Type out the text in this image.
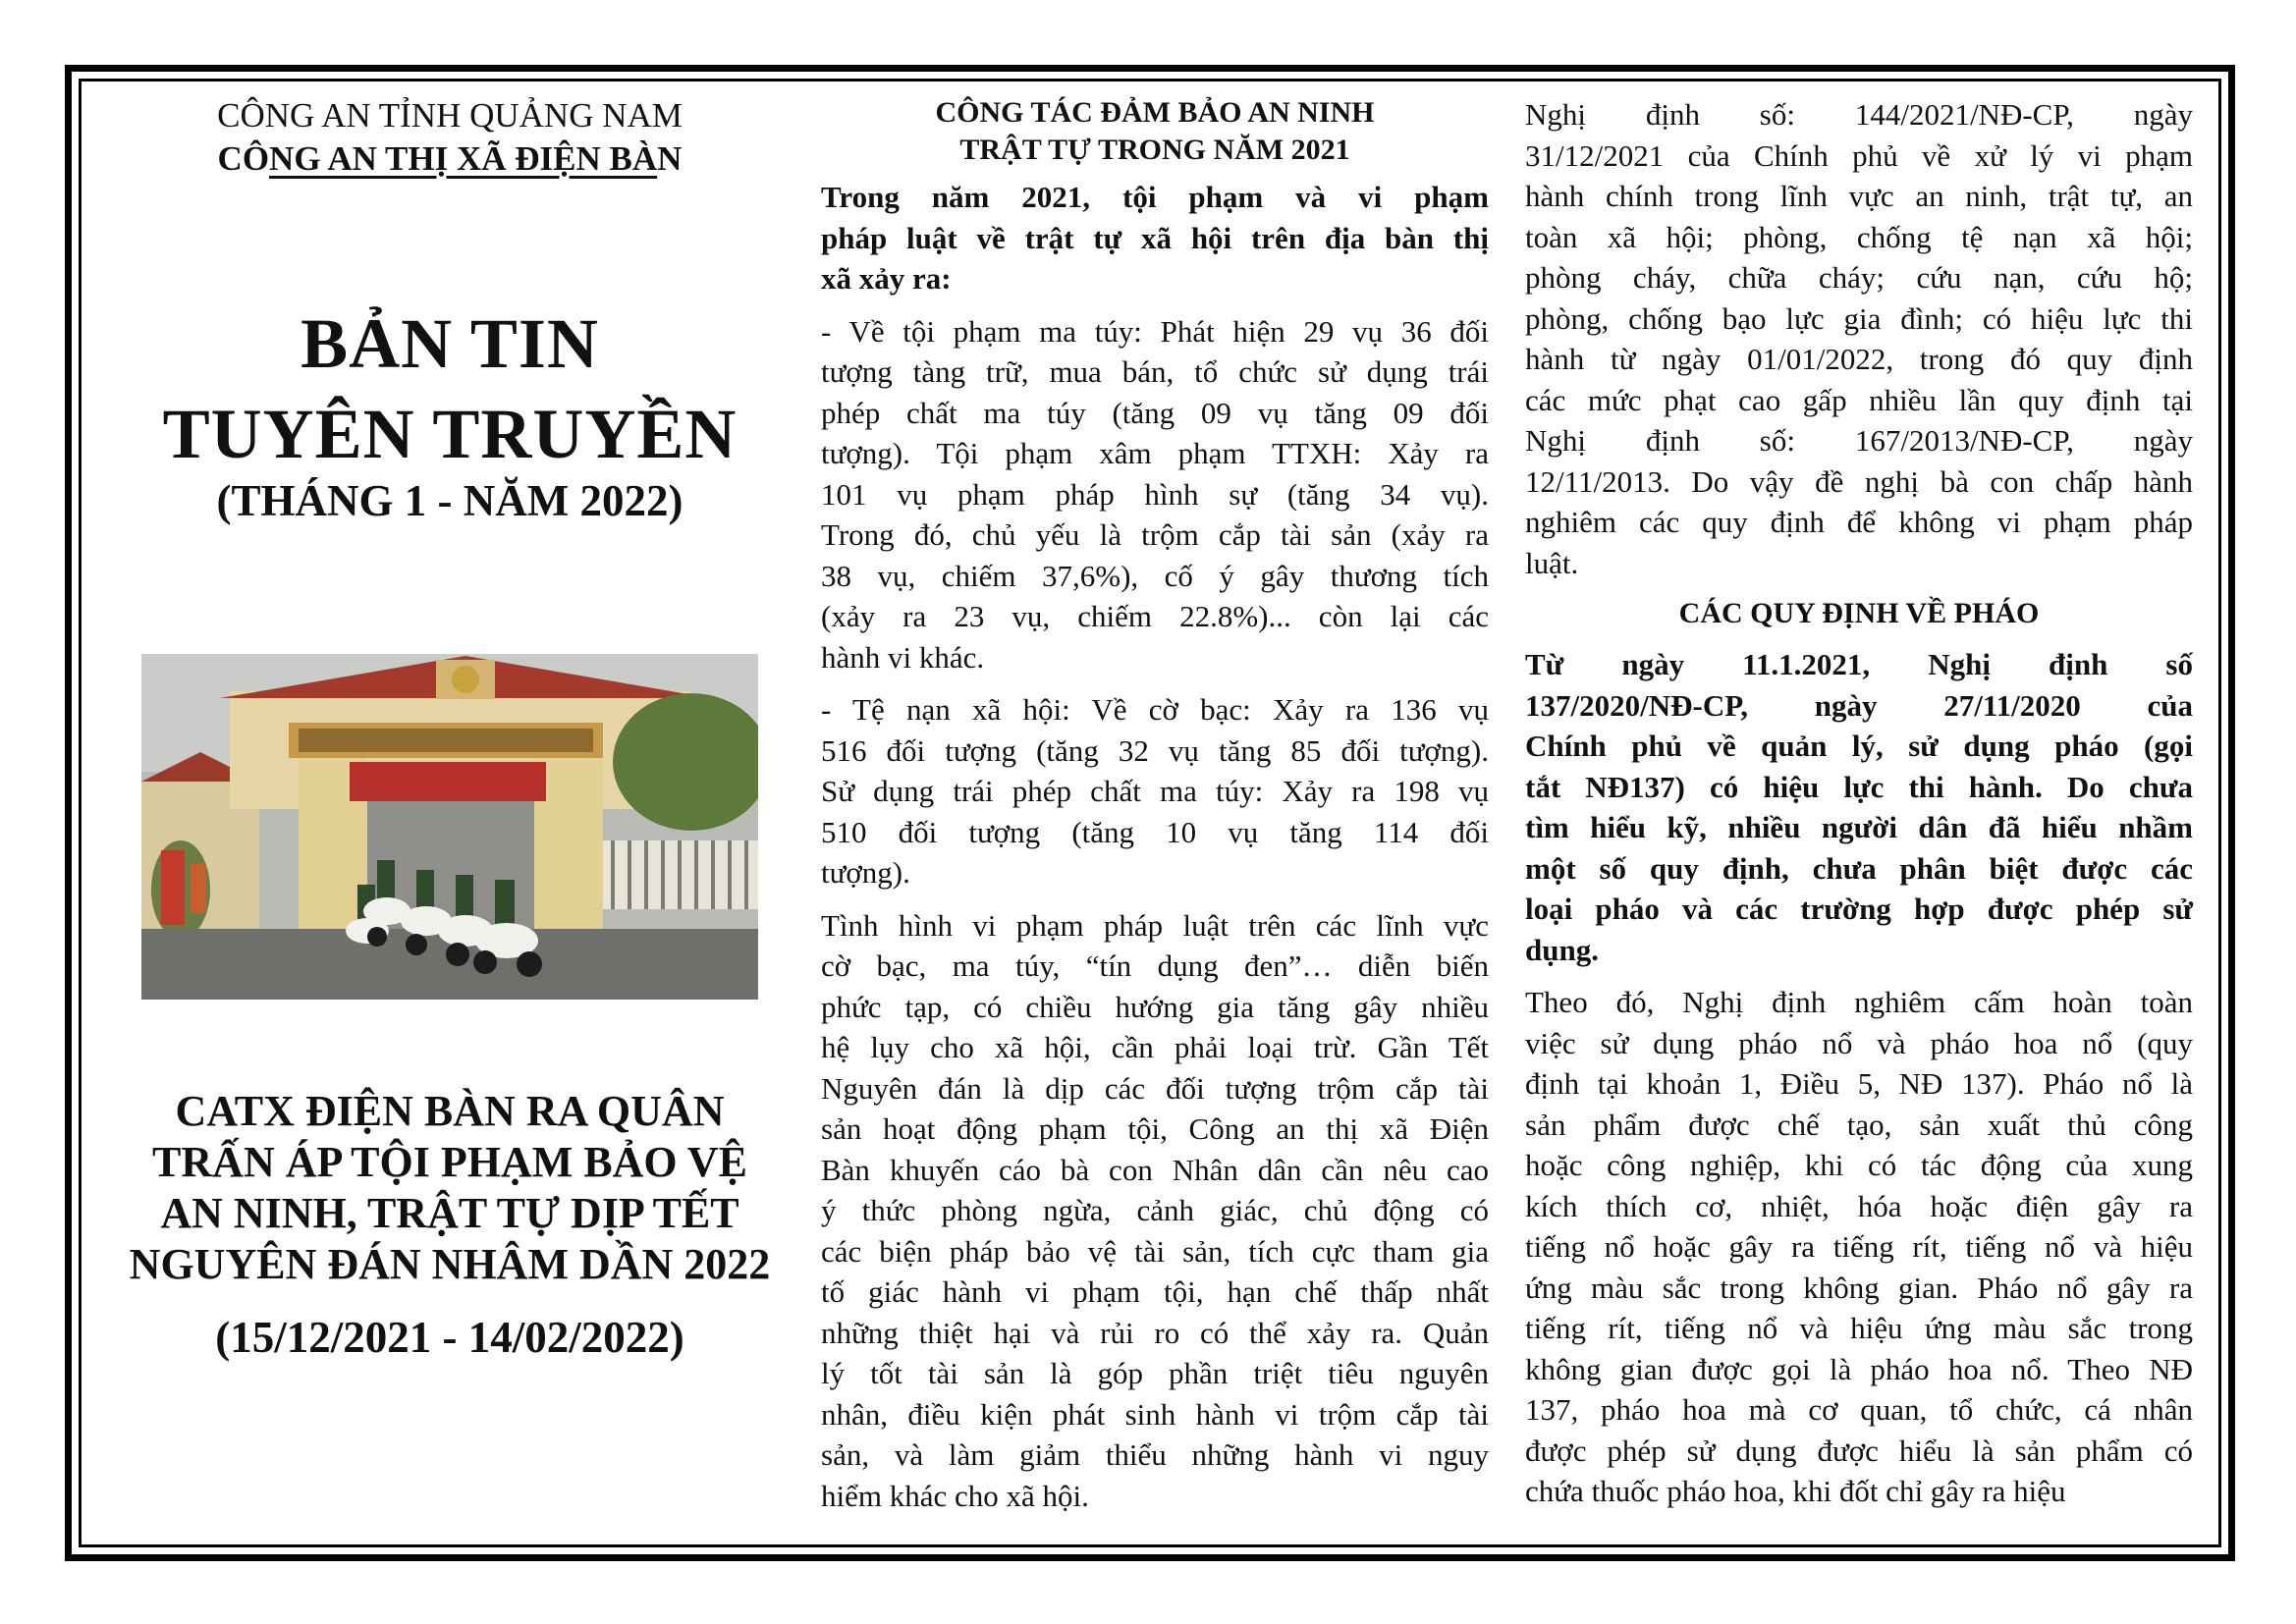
CÔNG AN TỈNH QUẢNG NAM

CÔNG AN THỊ XÃ ĐIỆN BÀN

BẢN TIN
TUYÊN TRUYỀN
(THÁNG 1 - NĂM 2022)
CATX ĐIỆN BÀN RA QUÂN
TRẤN ÁP TỘI PHẠM BẢO VỆ
AN NINH, TRẬT TỰ DỊP TẾT
NGUYÊN ĐÁN NHÂM DẦN 2022
(15/12/2021 - 14/02/2022)

CÔNG TÁC ĐẢM BẢO AN NINH

TRẬT TỰ TRONG NĂM 2021

Trong năm 2021, tội phạm và vi phạm
pháp luật về trật tự xã hội trên địa bàn thị
xã xảy ra:
- Về tội phạm ma túy: Phát hiện 29 vụ 36 đối
tượng tàng trữ, mua bán, tổ chức sử dụng trái
phép chất ma túy (tăng 09 vụ tăng 09 đối
tượng). Tội phạm xâm phạm TTXH: Xảy ra
101 vụ phạm pháp hình sự (tăng 34 vụ).
Trong đó, chủ yếu là trộm cắp tài sản (xảy ra
38 vụ, chiếm 37,6%), cố ý gây thương tích
(xảy ra 23 vụ, chiếm 22.8%)... còn lại các
hành vi khác.
- Tệ nạn xã hội: Về cờ bạc: Xảy ra 136 vụ
516 đối tượng (tăng 32 vụ tăng 85 đối tượng).
Sử dụng trái phép chất ma túy: Xảy ra 198 vụ
510 đối tượng (tăng 10 vụ tăng 114 đối
tượng).
Tình hình vi phạm pháp luật trên các lĩnh vực
cờ bạc, ma túy, “tín dụng đen”… diễn biến
phức tạp, có chiều hướng gia tăng gây nhiều
hệ lụy cho xã hội, cần phải loại trừ. Gần Tết
Nguyên đán là dịp các đối tượng trộm cắp tài
sản hoạt động phạm tội, Công an thị xã Điện
Bàn khuyến cáo bà con Nhân dân cần nêu cao
ý thức phòng ngừa, cảnh giác, chủ động có
các biện pháp bảo vệ tài sản, tích cực tham gia
tố giác hành vi phạm tội, hạn chế thấp nhất
những thiệt hại và rủi ro có thể xảy ra. Quản
lý tốt tài sản là góp phần triệt tiêu nguyên
nhân, điều kiện phát sinh hành vi trộm cắp tài
sản, và làm giảm thiểu những hành vi nguy
hiểm khác cho xã hội.
Nghị định số: 144/2021/NĐ-CP, ngày
31/12/2021 của Chính phủ về xử lý vi phạm
hành chính trong lĩnh vực an ninh, trật tự, an
toàn xã hội; phòng, chống tệ nạn xã hội;
phòng cháy, chữa cháy; cứu nạn, cứu hộ;
phòng, chống bạo lực gia đình; có hiệu lực thi
hành từ ngày 01/01/2022, trong đó quy định
các mức phạt cao gấp nhiều lần quy định tại
Nghị định số: 167/2013/NĐ-CP, ngày
12/11/2013. Do vậy đề nghị bà con chấp hành
nghiêm các quy định để không vi phạm pháp
luật.

CÁC QUY ĐỊNH VỀ PHÁO

Từ ngày 11.1.2021, Nghị định số
137/2020/NĐ-CP, ngày 27/11/2020 của
Chính phủ về quản lý, sử dụng pháo (gọi
tắt NĐ137) có hiệu lực thi hành. Do chưa
tìm hiểu kỹ, nhiều người dân đã hiểu nhầm
một số quy định, chưa phân biệt được các
loại pháo và các trường hợp được phép sử
dụng.
Theo đó, Nghị định nghiêm cấm hoàn toàn
việc sử dụng pháo nổ và pháo hoa nổ (quy
định tại khoản 1, Điều 5, NĐ 137). Pháo nổ là
sản phẩm được chế tạo, sản xuất thủ công
hoặc công nghiệp, khi có tác động của xung
kích thích cơ, nhiệt, hóa hoặc điện gây ra
tiếng nổ hoặc gây ra tiếng rít, tiếng nổ và hiệu
ứng màu sắc trong không gian. Pháo nổ gây ra
tiếng rít, tiếng nổ và hiệu ứng màu sắc trong
không gian được gọi là pháo hoa nổ. Theo NĐ
137, pháo hoa mà cơ quan, tổ chức, cá nhân
được phép sử dụng được hiểu là sản phẩm có
chứa thuốc pháo hoa, khi đốt chỉ gây ra hiệu
